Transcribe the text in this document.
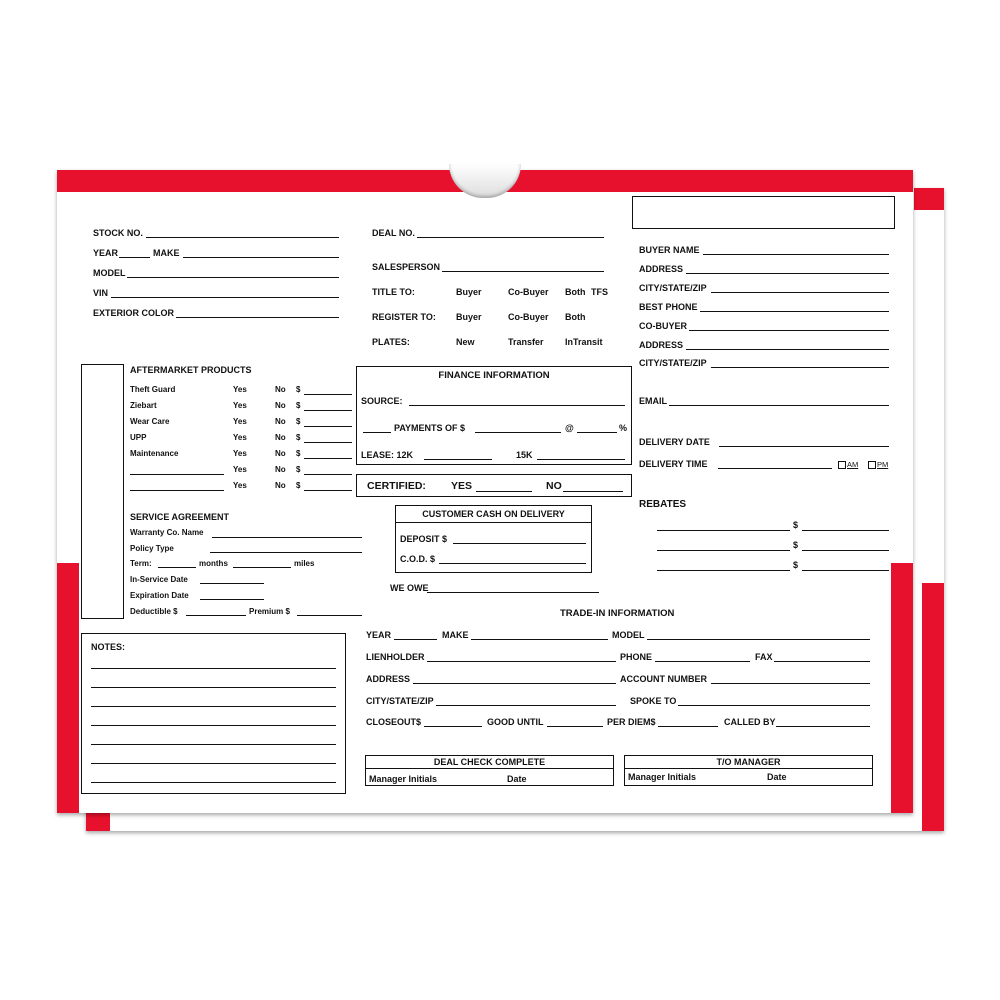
STOCK NO.
YEAR	MAKE
MODEL
VIN
EXTERIOR COLOR
DEAL NO.
SALESPERSON
TITLE TO:	Buyer	Co-Buyer Both TFS
REGISTER TO: Buyer	Co-Buyer Both
PLATES:	New	Transfer InTransit
BUYER NAME
ADDRESS
CITY/STATE/ZIP
BEST PHONE
CO-BUYER
ADDRESS
CITY/STATE/ZIP
EMAIL
DELIVERY DATE
DELIVERY TIME	AM	PM
REBATES
$
$
$
AFTERMARKET PRODUCTS
Theft Guard	Yes	No $
Ziebart	Yes	No $
Wear Care	Yes	No $
UPP	Yes	No $
Maintenance	Yes	No $
Yes	No $
Yes	No $
SERVICE AGREEMENT
Warranty Co. Name
Policy Type
Term:	months	miles
In-Service Date
Expiration Date
Deductible $	Premium $
FINANCE INFORMATION
SOURCE:
PAYMENTS OF $	@	%
LEASE: 12K	15K
CERTIFIED: YES	NO
CUSTOMER CASH ON DELIVERY
DEPOSIT $
C.O.D. $
WE OWE
NOTES:
TRADE-IN INFORMATION
YEAR	MAKE	MODEL
LIENHOLDER	PHONE	FAX
ADDRESS	ACCOUNT NUMBER
CITY/STATE/ZIP	SPOKE TO
CLOSEOUT$	GOOD UNTIL	PER DIEM$	CALLED BY
DEAL CHECK COMPLETE
Manager Initials	Date
T/O MANAGER
Manager Initials	Date
